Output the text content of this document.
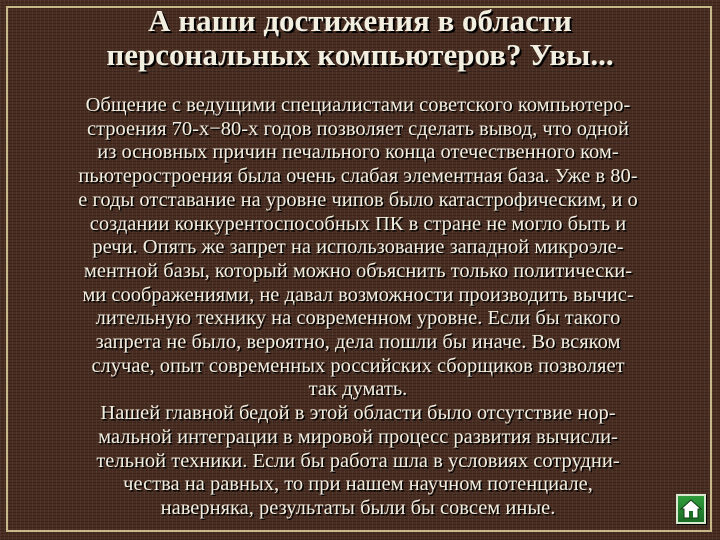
А наши достижения в области
персональных компьютеров? Увы...
Общение с ведущими специалистами советского компьютеро-
строения 70-х−80-х годов позволяет сделать вывод, что одной
из основных причин печального конца отечественного ком-
пьютеростроения была очень слабая элементная база. Уже в 80-
е годы отставание на уровне чипов было катастрофическим, и о
создании конкурентоспособных ПК в стране не могло быть и
речи. Опять же запрет на использование западной микроэле-
ментной базы, который можно объяснить только политически-
ми соображениями, не давал возможности производить вычис-
лительную технику на современном уровне. Если бы такого
запрета не было, вероятно, дела пошли бы иначе. Во всяком
случае, опыт современных российских сборщиков позволяет
так думать.
Нашей главной бедой в этой области было отсутствие нор-
мальной интеграции в мировой процесс развития вычисли-
тельной техники. Если бы работа шла в условиях сотрудни-
чества на равных, то при нашем научном потенциале,
наверняка, результаты были бы совсем иные.
